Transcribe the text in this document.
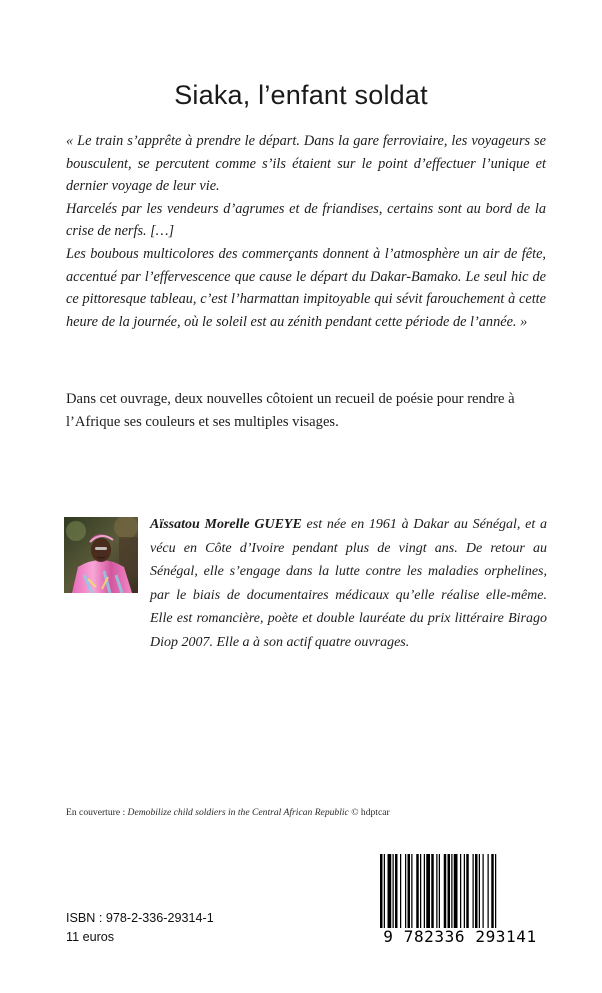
Siaka, l’enfant soldat

« Le train s’apprête à prendre le départ. Dans la gare ferroviaire, les voyageurs se bousculent, se percutent comme s’ils étaient sur le point d’effectuer l’unique et dernier voyage de leur vie.

Harcelés par les vendeurs d’agrumes et de friandises, certains sont au bord de la crise de nerfs. […]

Les boubous multicolores des commerçants donnent à l’atmosphère un air de fête, accentué par l’effervescence que cause le départ du Dakar-Bamako. Le seul hic de ce pittoresque tableau, c’est l’harmattan impitoyable qui sévit farouchement à cette heure de la journée, où le soleil est au zénith pendant cette période de l’année. »

Dans cet ouvrage, deux nouvelles côtoient un recueil de poésie pour rendre à l’Afrique ses couleurs et ses multiples visages.
Aïssatou Morelle GUEYE est née en 1961 à Dakar au Sénégal, et a vécu en Côte d’Ivoire pendant plus de vingt ans. De retour au Sénégal, elle s’engage dans la lutte contre les maladies orphelines, par le biais de documentaires médicaux qu’elle réalise elle-même. Elle est romancière, poète et double lauréate du prix littéraire Birago Diop 2007. Elle a à son actif quatre ouvrages.
En couverture : Demobilize child soldiers in the Central African Republic © hdptcar
ISBN : 978-2-336-29314-1
11 euros	9 782336 293141
